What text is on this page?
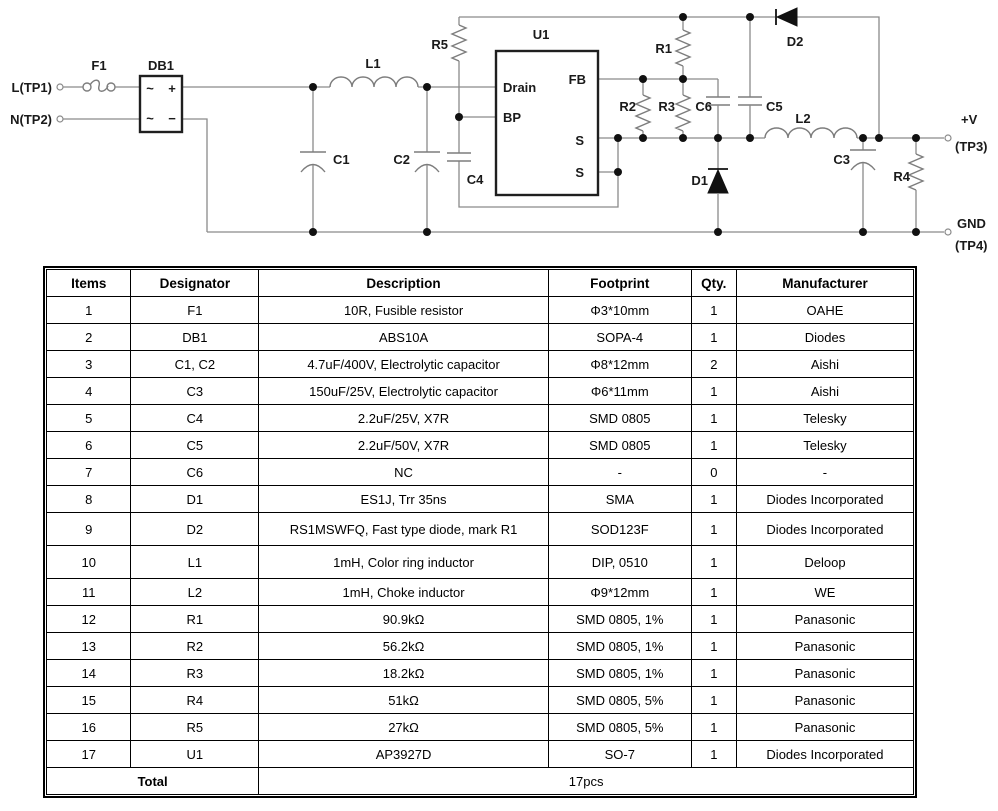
~ +
~ −
Drain
BP
FB
S
S
L(TP1)
N(TP2)
F1	DB1	L1
C1	C2
C4
R5
U1
R1
R2 R3 C6	C5
D2
D1
L2
C3
R4
+V
(TP3)
GND
(TP4)
Items	Designator	Description	Footprint	Qty.	Manufacturer
1	F1	10R, Fusible resistor	Φ3*10mm	1	OAHE
2	DB1	ABS10A	SOPA-4	1	Diodes
3	C1, C2	4.7uF/400V, Electrolytic capacitor	Φ8*12mm	2	Aishi
4	C3	150uF/25V, Electrolytic capacitor	Φ6*11mm	1	Aishi
5	C4	2.2uF/25V, X7R	SMD 0805	1	Telesky
6	C5	2.2uF/50V, X7R	SMD 0805	1	Telesky
7	C6	NC	-	0	-
8	D1	ES1J, Trr 35ns	SMA	1	Diodes Incorporated
9	D2	RS1MSWFQ, Fast type diode, mark R1	SOD123F	1	Diodes Incorporated
10	L1	1mH, Color ring inductor	DIP, 0510	1	Deloop
11	L2	1mH, Choke inductor	Φ9*12mm	1	WE
12	R1	90.9kΩ	SMD 0805, 1%	1	Panasonic
13	R2	56.2kΩ	SMD 0805, 1%	1	Panasonic
14	R3	18.2kΩ	SMD 0805, 1%	1	Panasonic
15	R4	51kΩ	SMD 0805, 5%	1	Panasonic
16	R5	27kΩ	SMD 0805, 5%	1	Panasonic
17	U1	AP3927D	SO-7	1	Diodes Incorporated
Total		17pcs			
